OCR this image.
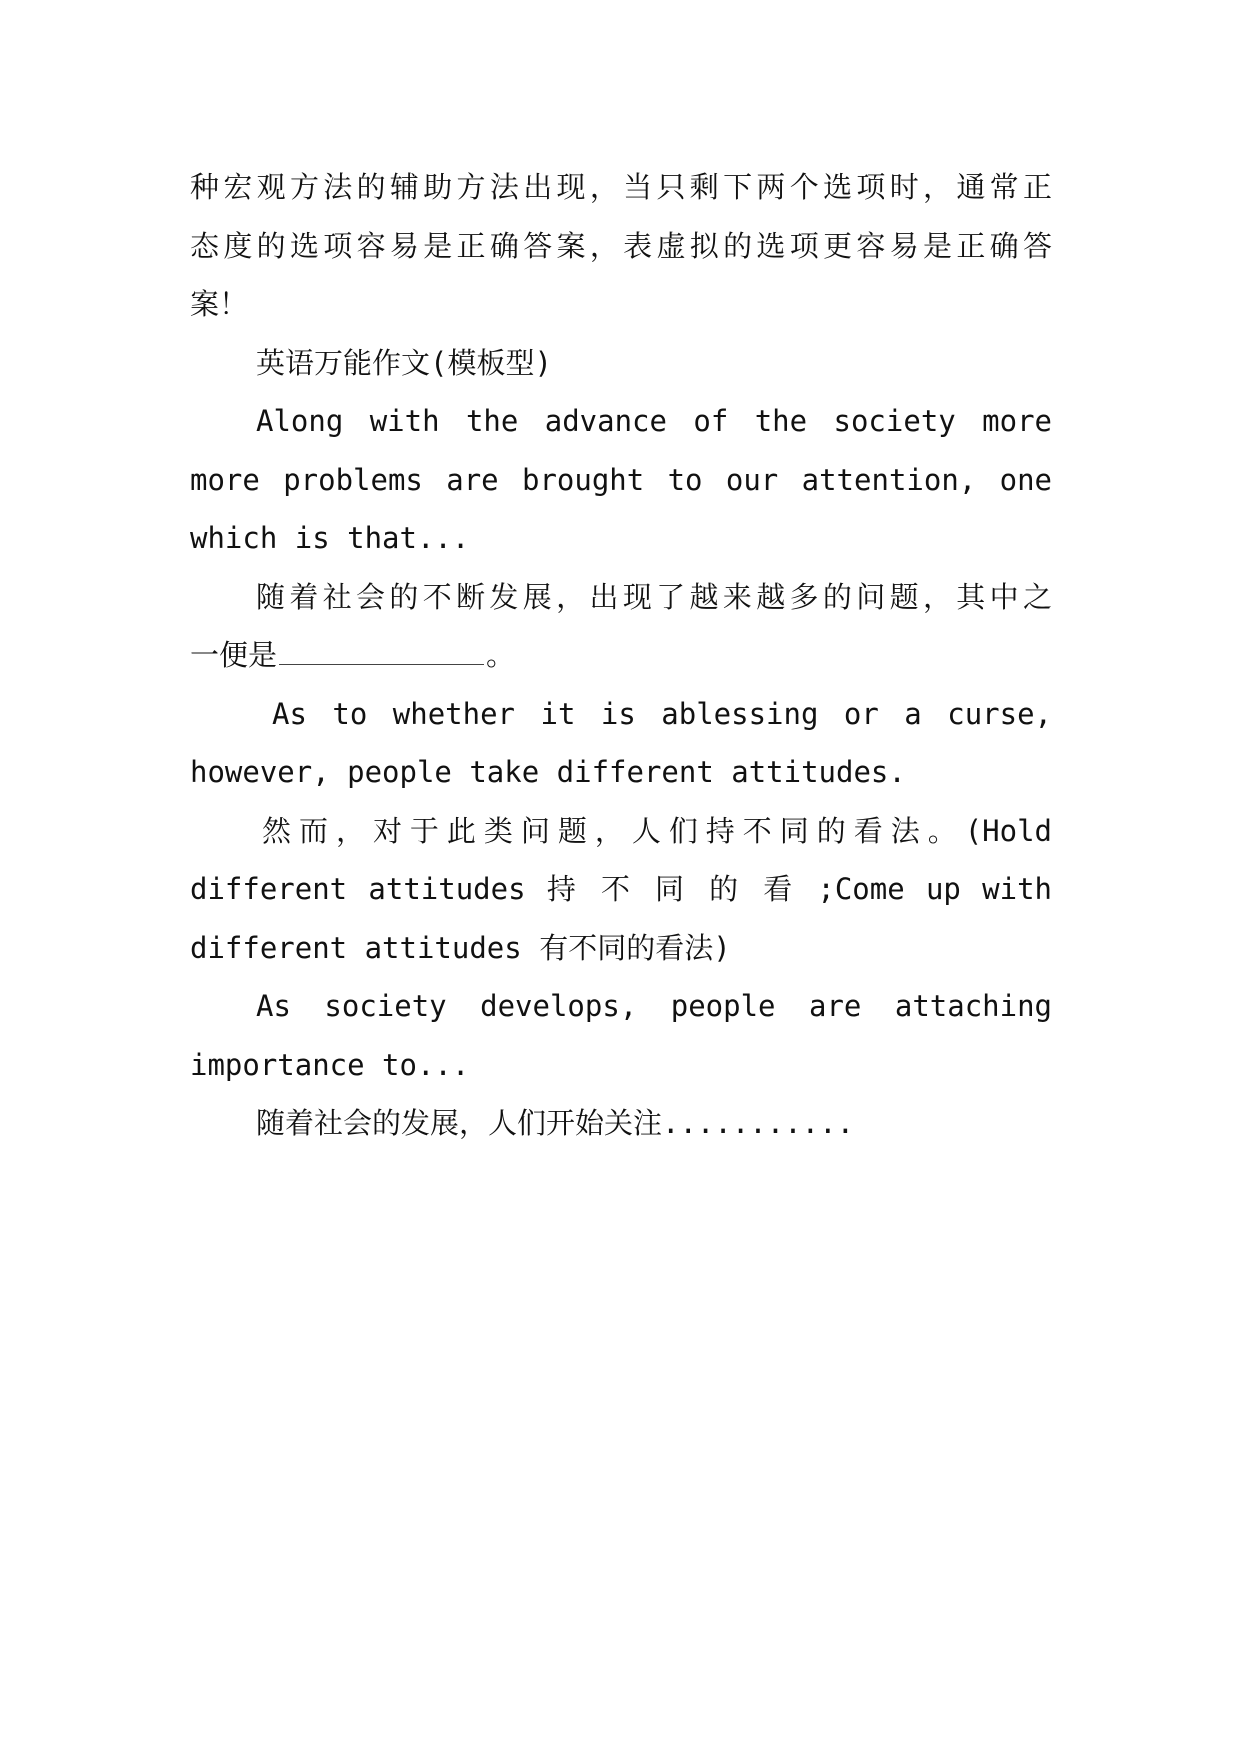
种宏观方法的辅助方法出现，当只剩下两个选项时，通常正
态度的选项容易是正确答案，表虚拟的选项更容易是正确答
案！
英语万能作文(模板型)
Along with the advance of the society more
more problems are brought to our attention, one
which is that...
随着社会的不断发展，出现了越来越多的问题，其中之
一便是	。
As to whether it is ablessing or a curse,
however, people take different attitudes.
然而，对于此类问题，人们持不同的看法。(Hold
different attitudes 持 不 同 的 看 ;Come up with
different attitudes 有不同的看法)
As society develops, people are attaching
importance to...
随着社会的发展，人们开始关注...........
